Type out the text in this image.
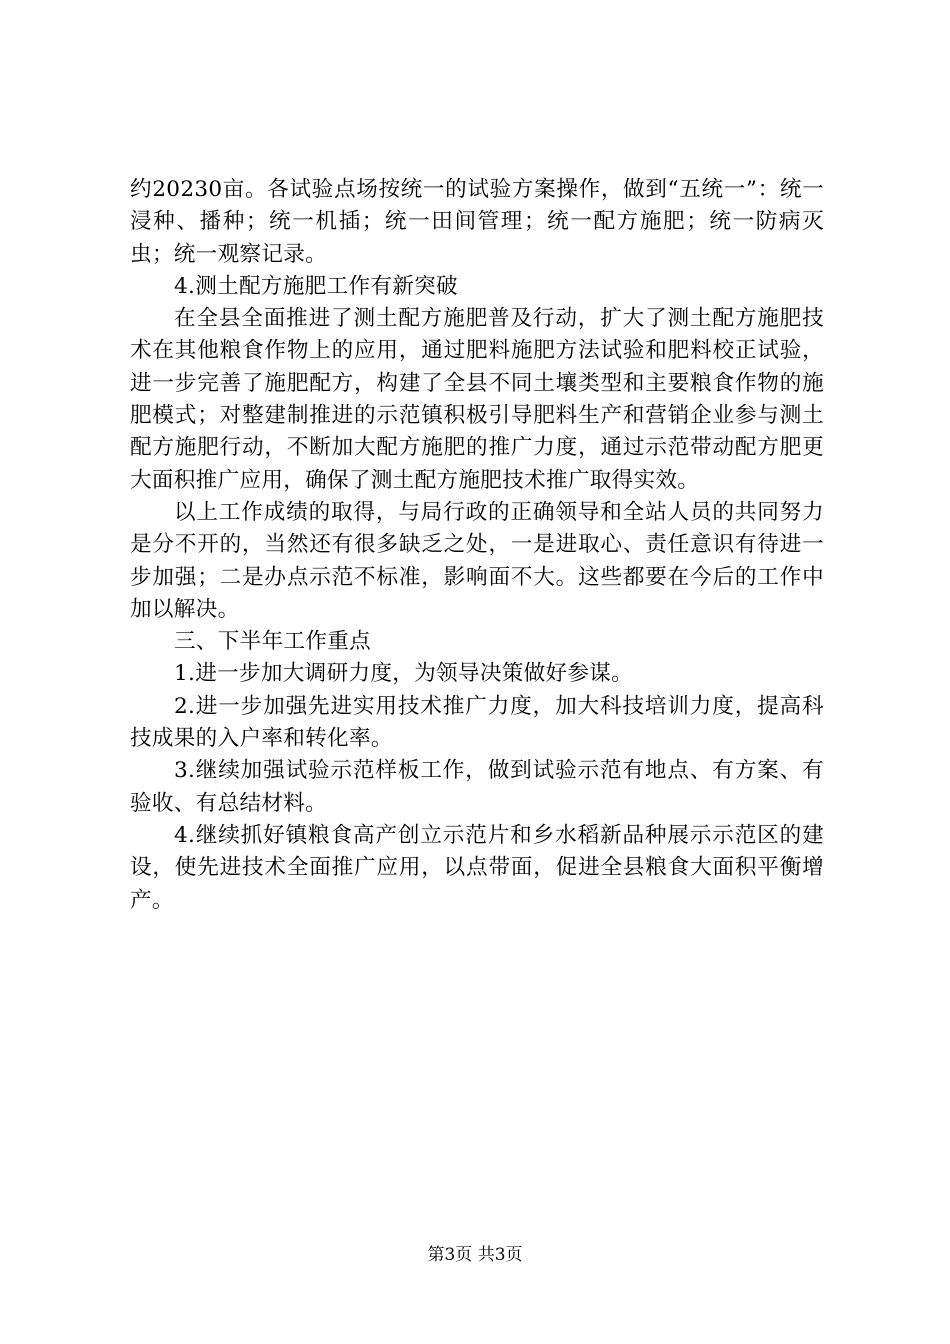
约20230亩。各试验点场按统一的试验方案操作，做到“五统一”：统一浸种、播种；统一机插；统一田间管理；统一配方施肥；统一防病灭虫；统一观察记录。

4.测土配方施肥工作有新突破

在全县全面推进了测土配方施肥普及行动，扩大了测土配方施肥技术在其他粮食作物上的应用，通过肥料施肥方法试验和肥料校正试验，进一步完善了施肥配方，构建了全县不同土壤类型和主要粮食作物的施肥模式；对整建制推进的示范镇积极引导肥料生产和营销企业参与测土配方施肥行动，不断加大配方施肥的推广力度，通过示范带动配方肥更大面积推广应用，确保了测土配方施肥技术推广取得实效。

以上工作成绩的取得，与局行政的正确领导和全站人员的共同努力是分不开的，当然还有很多缺乏之处，一是进取心、责任意识有待进一步加强；二是办点示范不标准，影响面不大。这些都要在今后的工作中加以解决。

三、下半年工作重点

1.进一步加大调研力度，为领导决策做好参谋。

2.进一步加强先进实用技术推广力度，加大科技培训力度，提高科技成果的入户率和转化率。

3.继续加强试验示范样板工作，做到试验示范有地点、有方案、有验收、有总结材料。

4.继续抓好镇粮食高产创立示范片和乡水稻新品种展示示范区的建设，使先进技术全面推广应用，以点带面，促进全县粮食大面积平衡增产。

第3页 共3页
